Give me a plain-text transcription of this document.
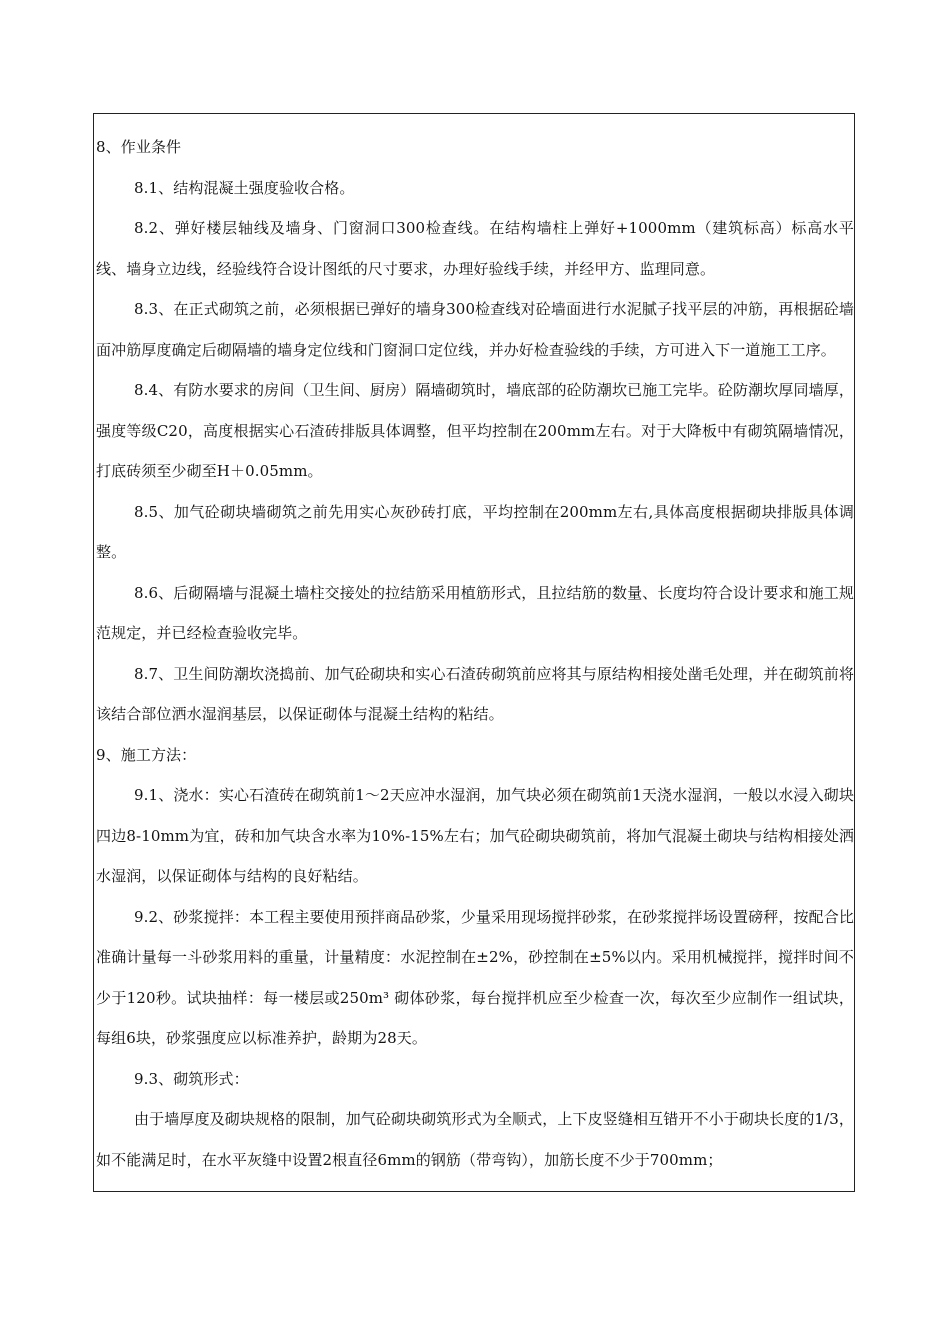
8、作业条件

8.1、结构混凝土强度验收合格。

8.2、弹好楼层轴线及墙身、门窗洞口300检查线。在结构墙柱上弹好+1000mm（建筑标高）标高水平线、墙身立边线，经验线符合设计图纸的尺寸要求，办理好验线手续，并经甲方、监理同意。

8.3、在正式砌筑之前，必须根据已弹好的墙身300检查线对砼墙面进行水泥腻子找平层的冲筋，再根据砼墙面冲筋厚度确定后砌隔墙的墙身定位线和门窗洞口定位线，并办好检查验线的手续，方可进入下一道施工工序。

8.4、有防水要求的房间（卫生间、厨房）隔墙砌筑时，墙底部的砼防潮坎已施工完毕。砼防潮坎厚同墙厚，强度等级C20，高度根据实心石渣砖排版具体调整，但平均控制在200mm左右。对于大降板中有砌筑隔墙情况，打底砖须至少砌至H＋0.05mm。

8.5、加气砼砌块墙砌筑之前先用实心灰砂砖打底，平均控制在200mm左右,具体高度根据砌块排版具体调整。

8.6、后砌隔墙与混凝土墙柱交接处的拉结筋采用植筋形式，且拉结筋的数量、长度均符合设计要求和施工规范规定，并已经检查验收完毕。

8.7、卫生间防潮坎浇捣前、加气砼砌块和实心石渣砖砌筑前应将其与原结构相接处凿毛处理，并在砌筑前将该结合部位洒水湿润基层，以保证砌体与混凝土结构的粘结。

9、施工方法：

9.1、浇水：实心石渣砖在砌筑前1～2天应冲水湿润，加气块必须在砌筑前1天浇水湿润，一般以水浸入砌块四边8-10mm为宜，砖和加气块含水率为10%-15%左右；加气砼砌块砌筑前，将加气混凝土砌块与结构相接处洒水湿润，以保证砌体与结构的良好粘结。

9.2、砂浆搅拌：本工程主要使用预拌商品砂浆，少量采用现场搅拌砂浆，在砂浆搅拌场设置磅秤，按配合比准确计量每一斗砂浆用料的重量，计量精度：水泥控制在±2%，砂控制在±5%以内。采用机械搅拌，搅拌时间不少于120秒。试块抽样：每一楼层或250m³ 砌体砂浆，每台搅拌机应至少检查一次，每次至少应制作一组试块，每组6块，砂浆强度应以标准养护，龄期为28天。

9.3、砌筑形式：

由于墙厚度及砌块规格的限制，加气砼砌块砌筑形式为全顺式，上下皮竖缝相互错开不小于砌块长度的1/3，如不能满足时，在水平灰缝中设置2根直径6mm的钢筋（带弯钩），加筋长度不少于700mm；
